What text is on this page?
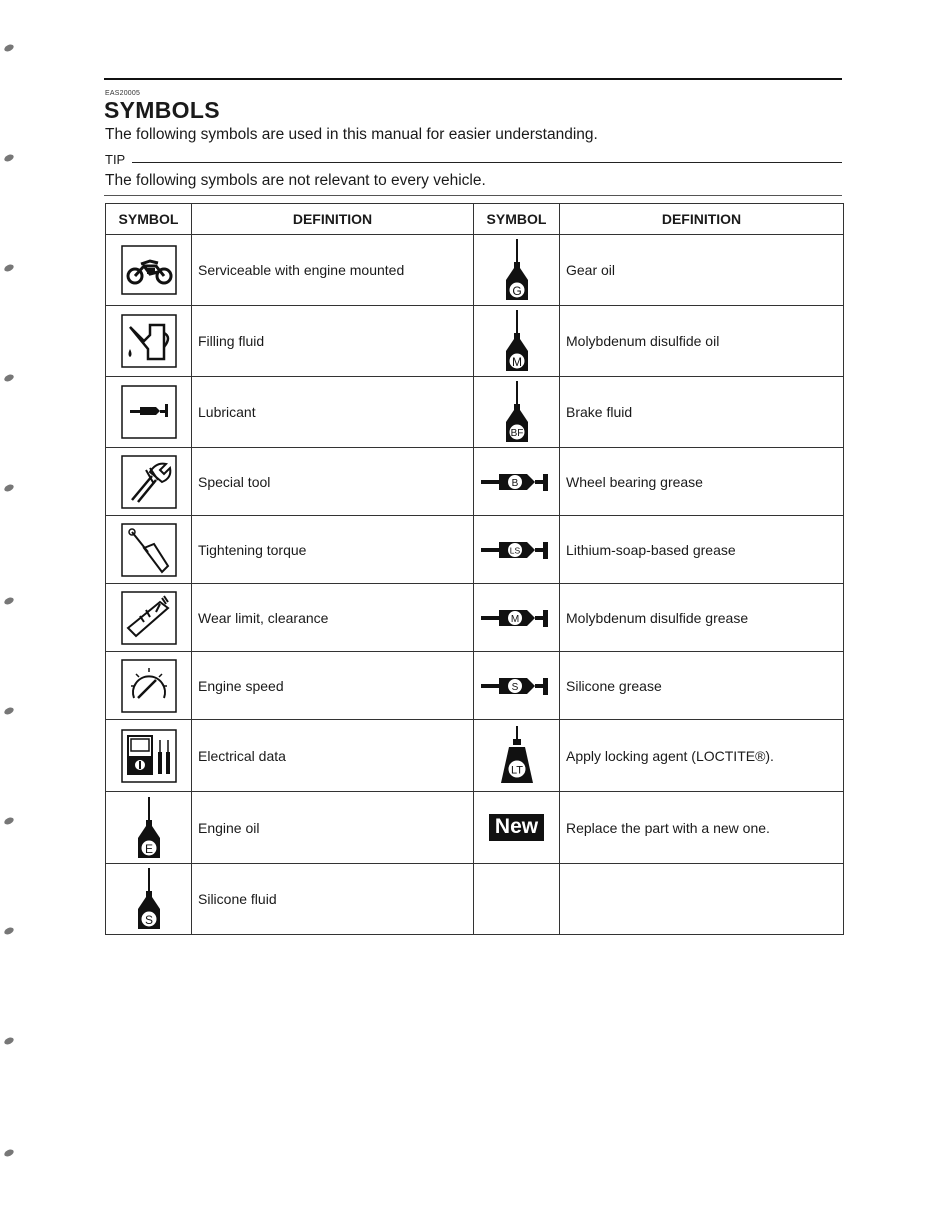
EAS20005
SYMBOLS

The following symbols are used in this manual for easier understanding.

TIP

The following symbols are not relevant to every vehicle.

SYMBOL	DEFINITION	SYMBOL	DEFINITION

	Serviceable with engine mounted	G	Gear oil

	Filling fluid	M	Molybdenum disulfide oil

	Lubricant	BF	Brake fluid

	Special tool	B	Wheel bearing grease

	Tightening torque	LS	Lithium-soap-based grease

	Wear limit, clearance	M	Molybdenum disulfide grease

	Engine speed	S	Silicone grease

	Electrical data	LT	Apply locking agent (LOCTITE®).

E	Engine oil	New	Replace the part with a new one.

S	Silicone fluid		
